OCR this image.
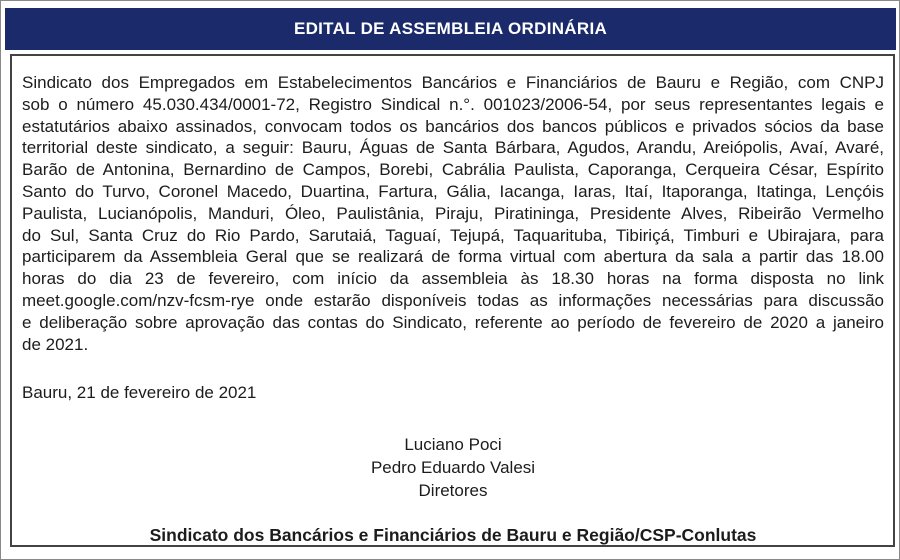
EDITAL DE ASSEMBLEIA ORDINÁRIA
Sindicato dos Empregados em Estabelecimentos Bancários e Financiários de Bauru e Região, com CNPJ
sob o número 45.030.434/0001-72, Registro Sindical n.°. 001023/2006-54, por seus representantes legais e
estatutários abaixo assinados, convocam todos os bancários dos bancos públicos e privados sócios da base
territorial deste sindicato, a seguir: Bauru, Águas de Santa Bárbara, Agudos, Arandu, Areiópolis, Avaí, Avaré,
Barão de Antonina, Bernardino de Campos, Borebi, Cabrália Paulista, Caporanga, Cerqueira César, Espírito
Santo do Turvo, Coronel Macedo, Duartina, Fartura, Gália, Iacanga, Iaras, Itaí, Itaporanga, Itatinga, Lençóis
Paulista, Lucianópolis, Manduri, Óleo, Paulistânia, Piraju, Piratininga, Presidente Alves, Ribeirão Vermelho
do Sul, Santa Cruz do Rio Pardo, Sarutaiá, Taguaí, Tejupá, Taquarituba, Tibiriçá, Timburi e Ubirajara, para
participarem da Assembleia Geral que se realizará de forma virtual com abertura da sala a partir das 18.00
horas do dia 23 de fevereiro, com início da assembleia às 18.30 horas na forma disposta no link
meet.google.com/nzv-fcsm-rye onde estarão disponíveis todas as informações necessárias para discussão
e deliberação sobre aprovação das contas do Sindicato, referente ao período de fevereiro de 2020 a janeiro
de 2021.
Bauru, 21 de fevereiro de 2021
Luciano Poci
Pedro Eduardo Valesi
Diretores
Sindicato dos Bancários e Financiários de Bauru e Região/CSP-Conlutas
